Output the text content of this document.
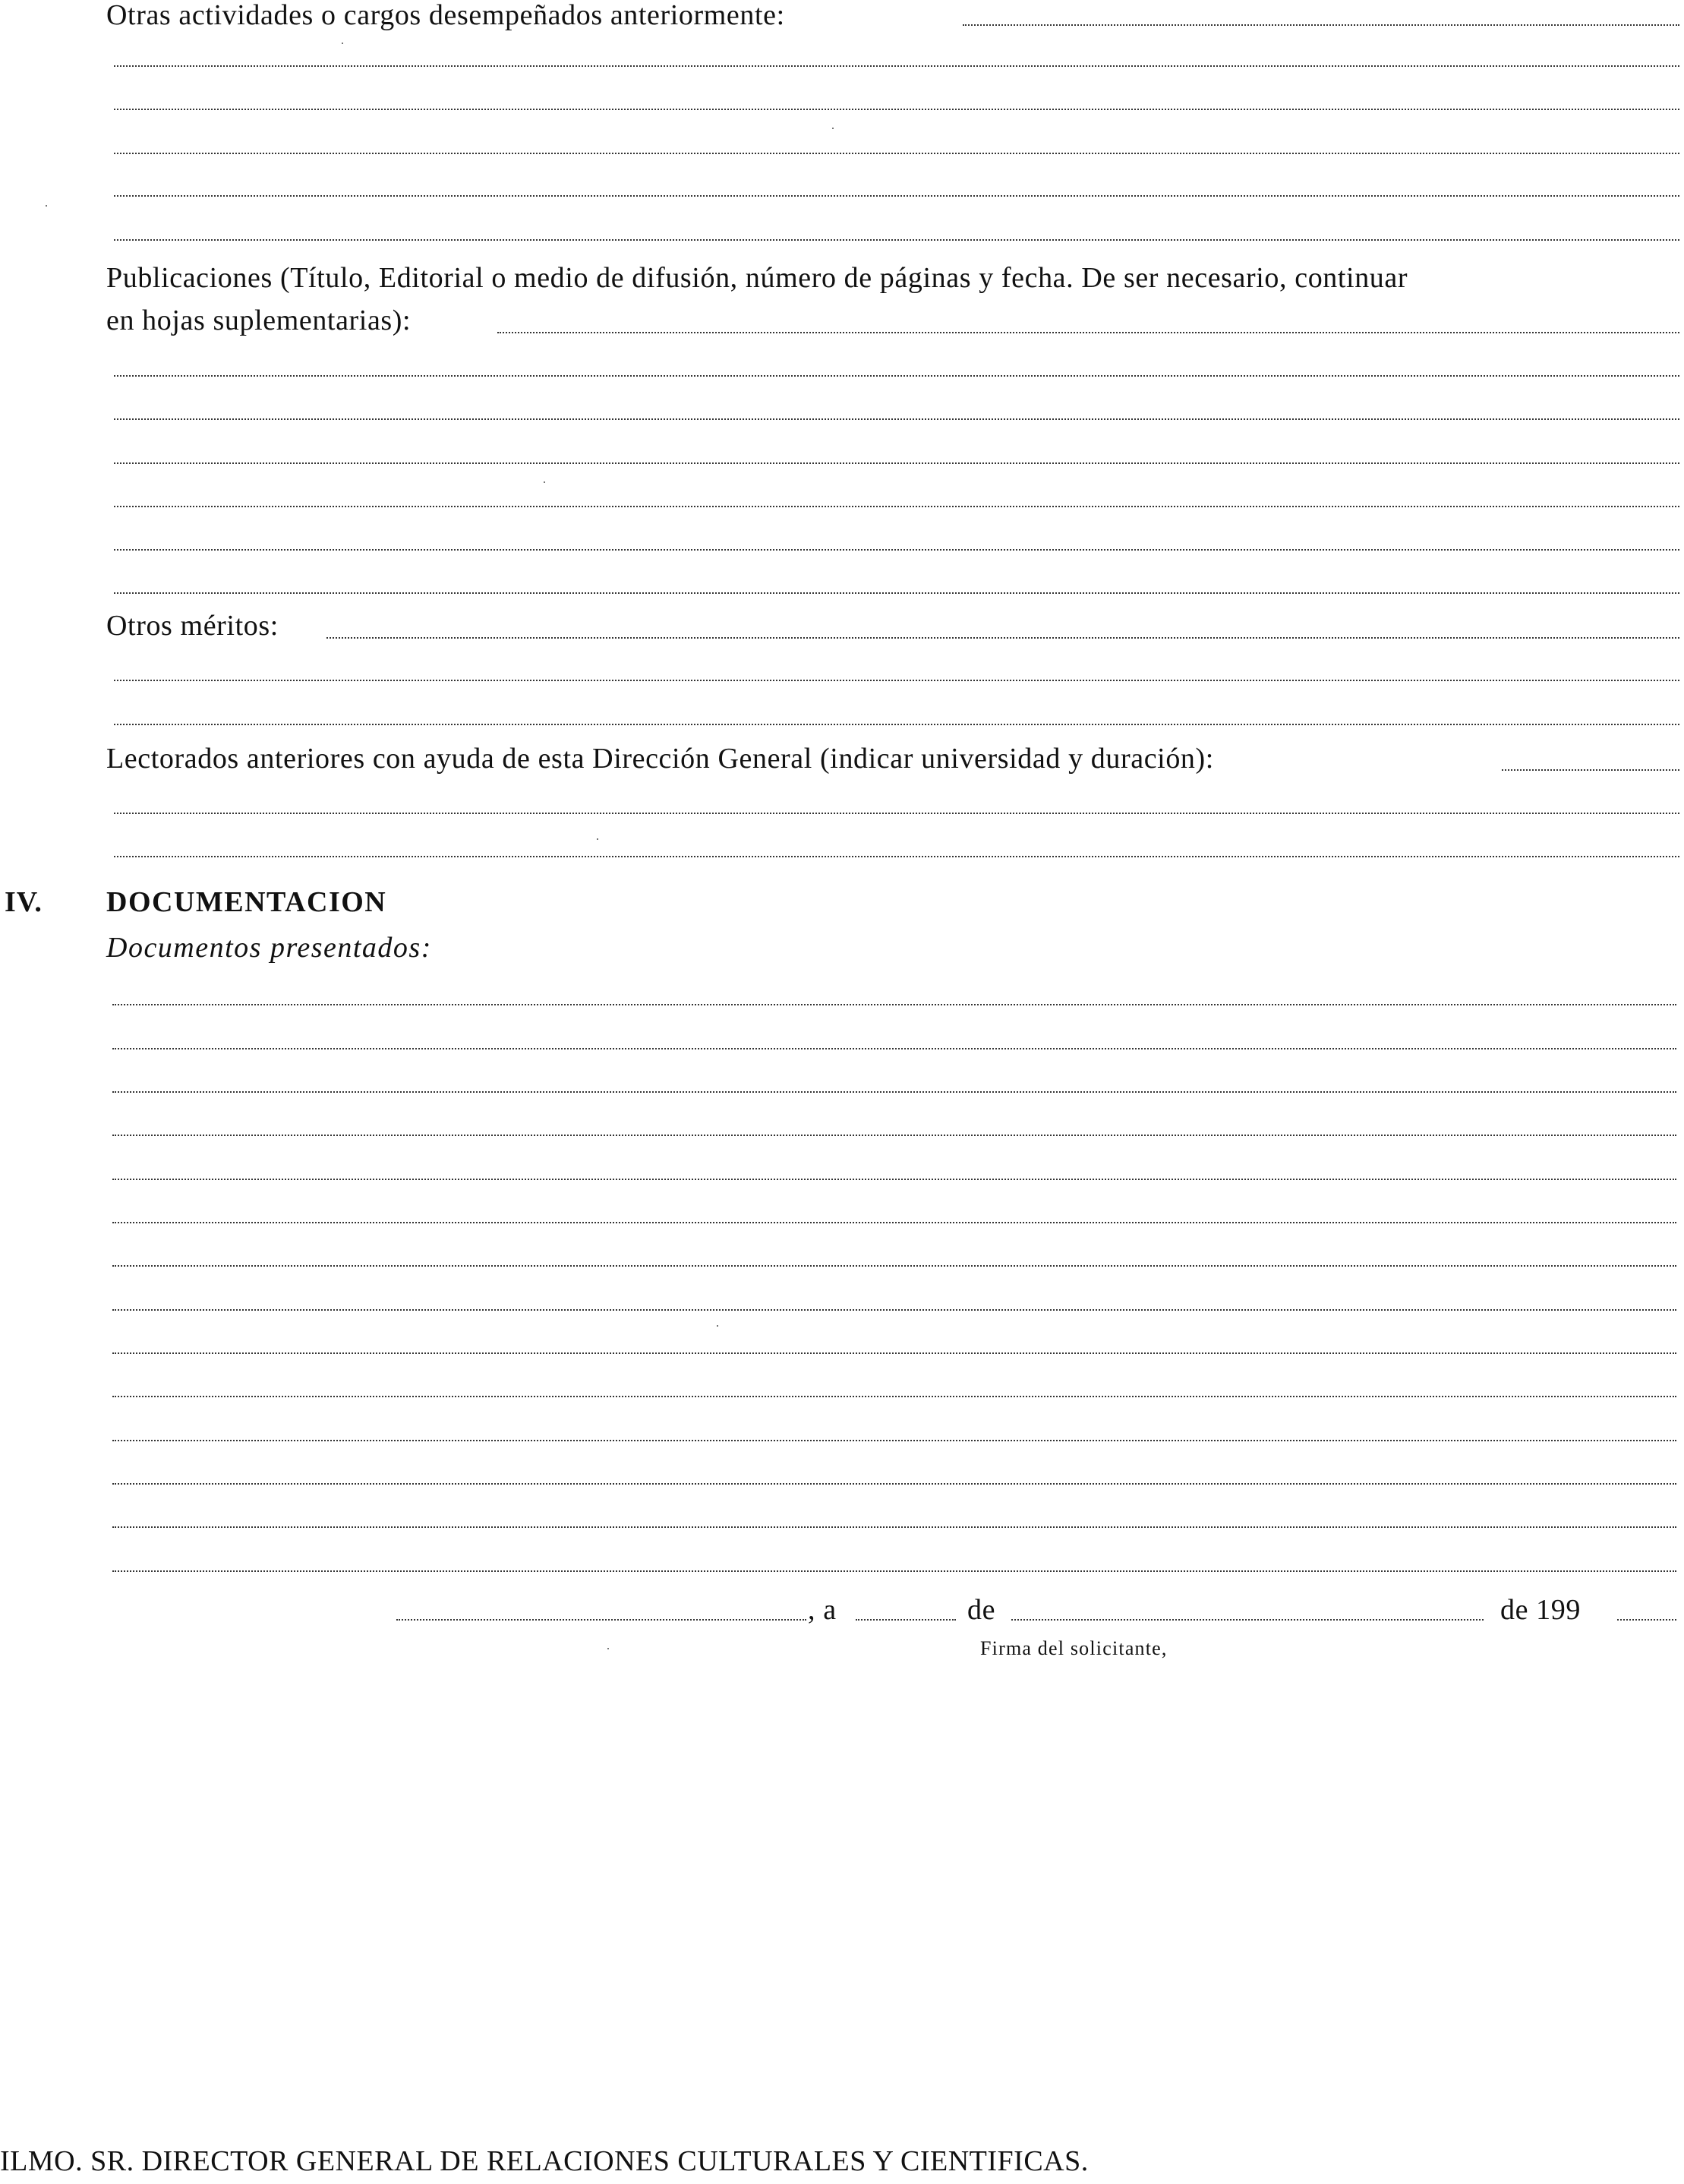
Otras actividades o cargos desempeñados anteriormente:
Publicaciones (Título, Editorial o medio de difusión, número de páginas y fecha. De ser necesario, continuar
en hojas suplementarias):
Otros méritos:
Lectorados anteriores con ayuda de esta Dirección General (indicar universidad y duración):
IV. DOCUMENTACION
Documentos presentados:
, a	de	de 199
Firma del solicitante,
ILMO. SR. DIRECTOR GENERAL DE RELACIONES CULTURALES Y CIENTIFICAS.
